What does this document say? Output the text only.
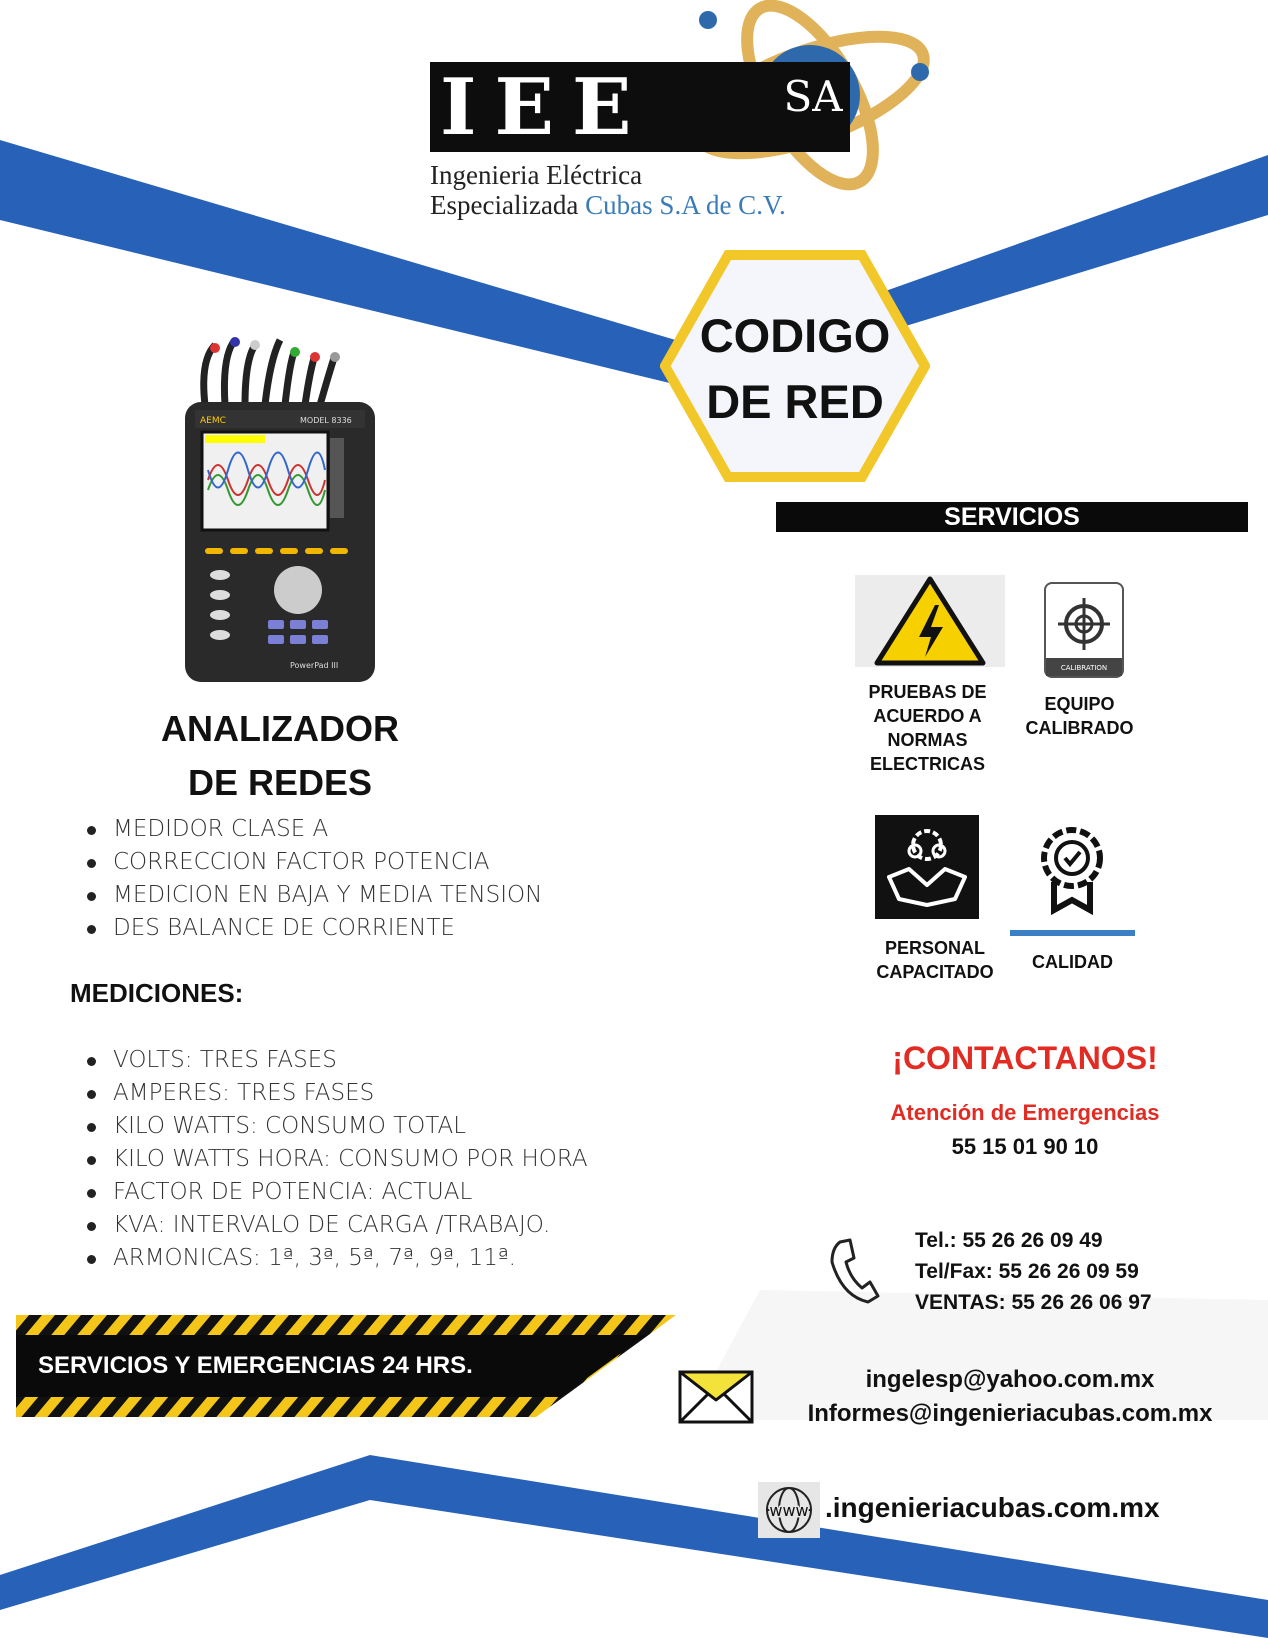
IEE	SA
Ingenieria Eléctrica
Especializada Cubas S.A de C.V.
CODIGO
DE RED
AEMC	MODEL 8336
PowerPad III
ANALIZADOR
DE REDES
MEDIDOR CLASE A
CORRECCION FACTOR POTENCIA
MEDICION EN BAJA Y MEDIA TENSION
DES BALANCE DE CORRIENTE
MEDICIONES:
VOLTS: TRES FASES
AMPERES: TRES FASES
KILO WATTS: CONSUMO TOTAL
KILO WATTS HORA: CONSUMO POR HORA
FACTOR DE POTENCIA: ACTUAL
KVA: INTERVALO DE CARGA /TRABAJO.
ARMONICAS: 1ª, 3ª, 5ª, 7ª, 9ª, 11ª.
SERVICIOS Y EMERGENCIAS 24 HRS.
SERVICIOS
PRUEBAS DE
ACUERDO A
NORMAS
ELECTRICAS
CALIBRATION
EQUIPO
CALIBRADO
PERSONAL
CAPACITADO	CALIDAD
¡CONTACTANOS!
Atención de Emergencias
55 15 01 90 10
Tel.: 55 26 26 09 49
Tel/Fax: 55 26 26 09 59
VENTAS: 55 26 26 06 97
ingelesp@yahoo.com.mx
Informes@ingenieriacubas.com.mx
www .ingenieriacubas.com.mx
